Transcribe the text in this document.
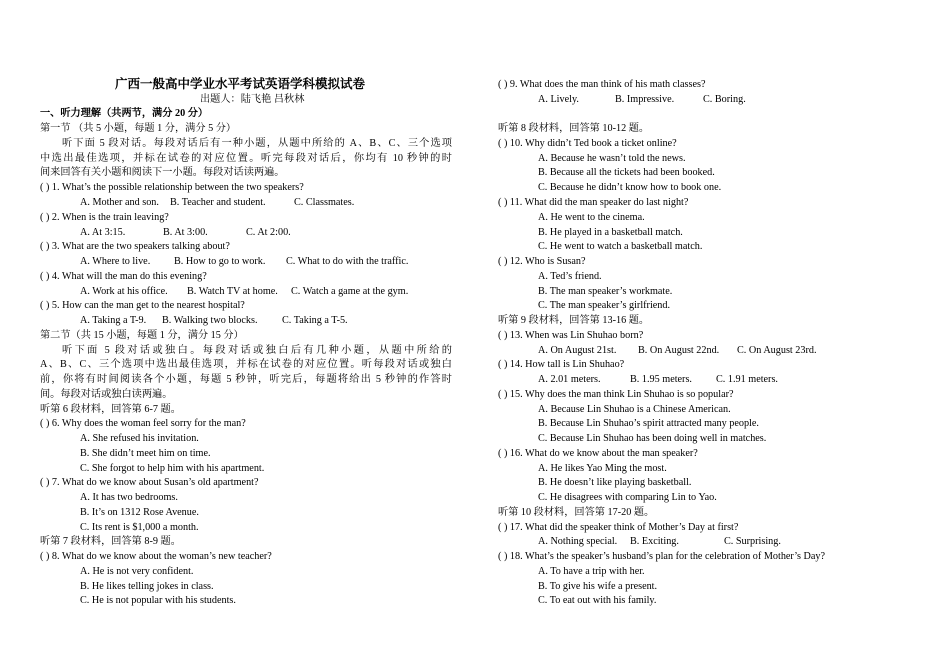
广西一般高中学业水平考试英语学科模拟试卷
出题人：陆飞艳 吕秋林
一、听力理解（共两节，满分 20 分）
第一节 （共 5 小题，每题 1 分，满分 5 分）
听下面 5 段对话。每段对话后有一种小题，从题中所给的 A、B、C、三个选项
中选出最佳选项，并标在试卷的对应位置。听完每段对话后，你均有 10 秒钟的时
间来回答有关小题和阅读下一小题。每段对话读两遍。
( ) 1. What’s the possible relationship between the two speakers?
A. Mother and son. B. Teacher and student.	C. Classmates.
( ) 2. When is the train leaving?
A. At 3:15.	B. At 3:00.	C. At 2:00.
( ) 3. What are the two speakers talking about?
A. Where to live. B. How to go to work. C. What to do with the traffic.
( ) 4. What will the man do this evening?
A. Work at his office. B. Watch TV at home. C. Watch a game at the gym.
( ) 5. How can the man get to the nearest hospital?
A. Taking a T-9. B. Walking two blocks. C. Taking a T-5.
第二节（共 15 小题，每题 1 分，满分 15 分）
听下面 5 段对话或独白。每段对话或独白后有几种小题，从题中所给的
A、B、C、三个选项中选出最佳选项，并标在试卷的对应位置。听每段对话或独白
前，你将有时间阅读各个小题，每题 5 秒钟，听完后，每题将给出 5 秒钟的作答时
间。每段对话或独白读两遍。
听第 6 段材料，回答第 6-7 题。
( ) 6. Why does the woman feel sorry for the man?
A. She refused his invitation.
B. She didn’t meet him on time.
C. She forgot to help him with his apartment.
( ) 7. What do we know about Susan’s old apartment?
A. It has two bedrooms.
B. It’s on 1312 Rose Avenue.
C. Its rent is $1,000 a month.
听第 7 段材料，回答第 8-9 题。
( ) 8. What do we know about the woman’s new teacher?
A. He is not very confident.
B. He likes telling jokes in class.
C. He is not popular with his students.
( ) 9. What does the man think of his math classes?
A. Lively.	B. Impressive.	C. Boring.
听第 8 段材料，回答第 10-12 题。
( ) 10. Why didn’t Ted book a ticket online?
A. Because he wasn’t told the news.
B. Because all the tickets had been booked.
C. Because he didn’t know how to book one.
( ) 11. What did the man speaker do last night?
A. He went to the cinema.
B. He played in a basketball match.
C. He went to watch a basketball match.
( ) 12. Who is Susan?
A. Ted’s friend.
B. The man speaker’s workmate.
C. The man speaker’s girlfriend.
听第 9 段材料，回答第 13-16 题。
( ) 13. When was Lin Shuhao born?
A. On August 21st. B. On August 22nd. C. On August 23rd.
( ) 14. How tall is Lin Shuhao?
A. 2.01 meters.	B. 1.95 meters. C. 1.91 meters.
( ) 15. Why does the man think Lin Shuhao is so popular?
A. Because Lin Shuhao is a Chinese American.
B. Because Lin Shuhao’s spirit attracted many people.
C. Because Lin Shuhao has been doing well in matches.
( ) 16. What do we know about the man speaker?
A. He likes Yao Ming the most.
B. He doesn’t like playing basketball.
C. He disagrees with comparing Lin to Yao.
听第 10 段材料，回答第 17-20 题。
( ) 17. What did the speaker think of Mother’s Day at first?
A. Nothing special. B. Exciting.	C. Surprising.
( ) 18. What’s the speaker’s husband’s plan for the celebration of Mother’s Day?
A. To have a trip with her.
B. To give his wife a present.
C. To eat out with his family.
